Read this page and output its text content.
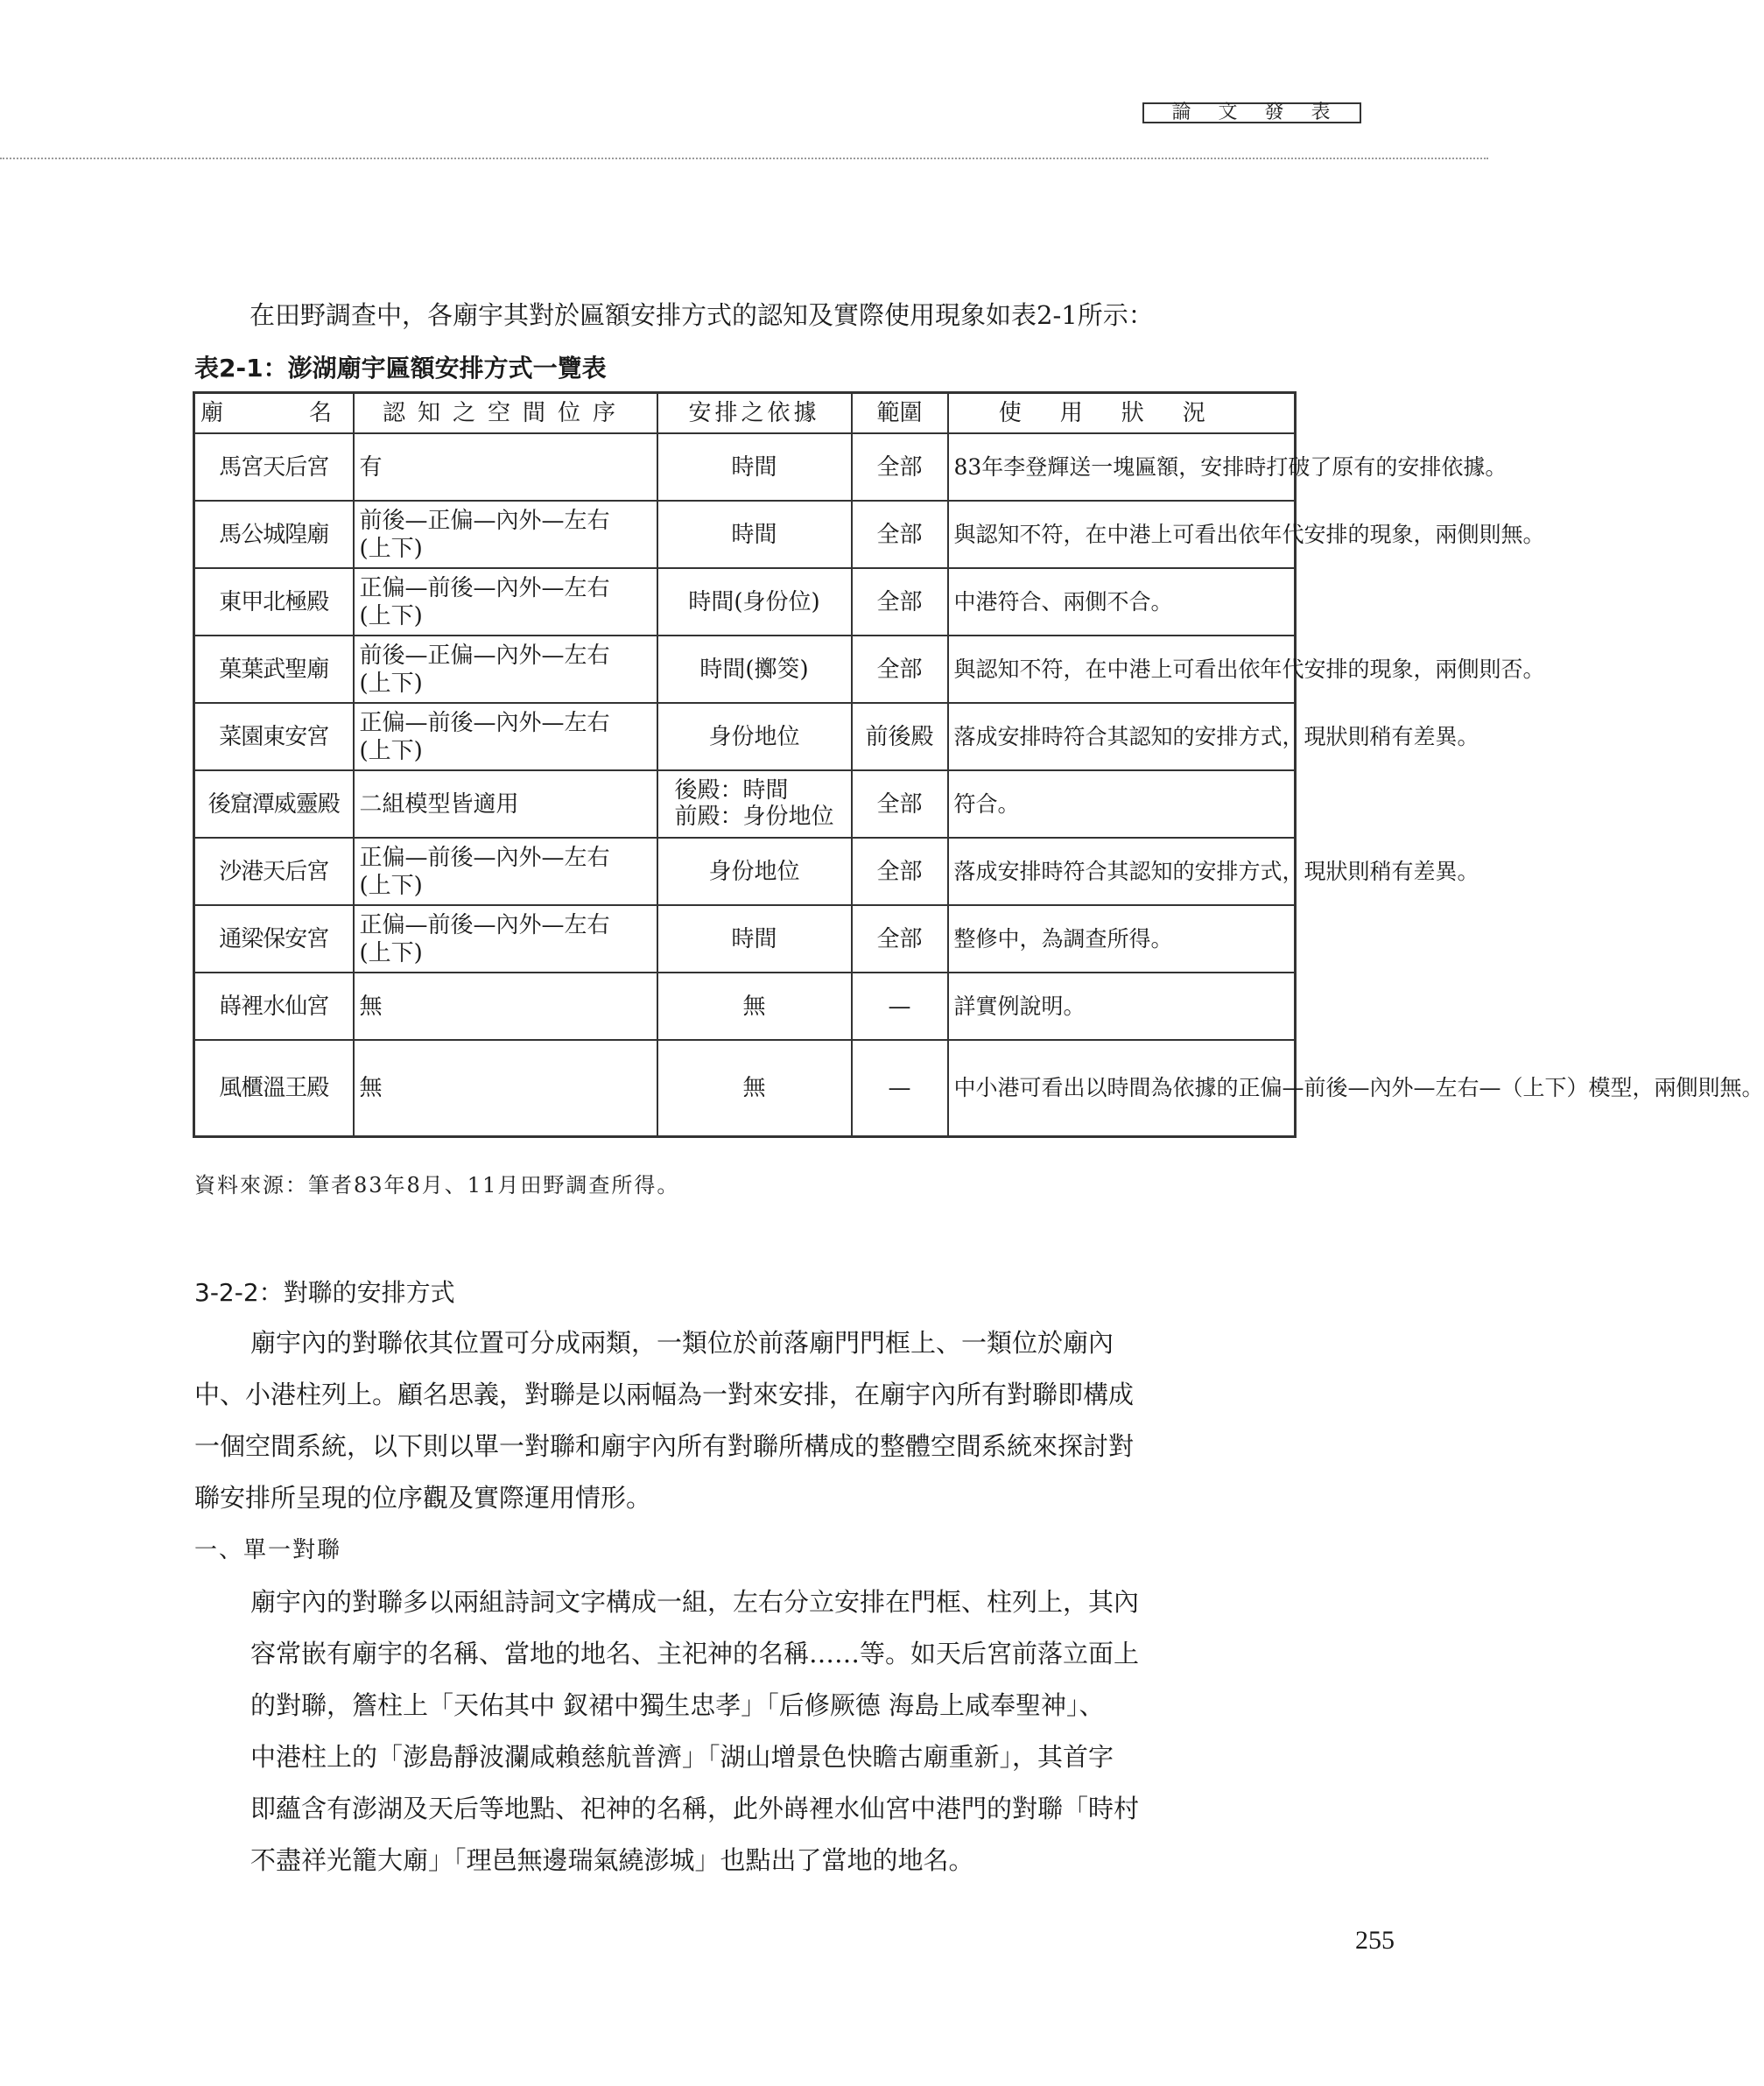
論 文 發 表
在田野調查中，各廟宇其對於匾額安排方式的認知及實際使用現象如表2-1所示：
表2-1：澎湖廟宇匾額安排方式一覽表
廟　名	認知之空間位序	安排之依據	範圍	使用狀況
馬宮天后宮	有	時間	全部	83年李登輝送一塊匾額，安排時打破了原有的安排依據。
馬公城隍廟	
前後—正偏—內外—左右
(上下)

時間	全部	與認知不符，在中港上可看出依年代安排的現象，兩側則無。
東甲北極殿	
正偏—前後—內外—左右
(上下)

時間(身份位)	全部	中港符合、兩側不合。
菓葉武聖廟	
前後—正偏—內外—左右
(上下)

時間(擲筊)	全部	與認知不符，在中港上可看出依年代安排的現象，兩側則否。
菜園東安宮	
正偏—前後—內外—左右
(上下)

身份地位	前後殿	落成安排時符合其認知的安排方式，現狀則稍有差異。
後窟潭威靈殿	二組模型皆適用

後殿：時間
前殿：身份地位	全部	符合。
沙港天后宮	
正偏—前後—內外—左右
(上下)

身份地位	全部	落成安排時符合其認知的安排方式，現狀則稍有差異。
通梁保安宮	
正偏—前後—內外—左右
(上下)

時間	全部	整修中，為調查所得。
嵵裡水仙宮	無	無	—	詳實例說明。
風櫃溫王殿	無	無	—	中小港可看出以時間為依據的正偏—前後—內外—左右—（上下）模型，兩側則無。
資料來源：筆者83年8月、11月田野調查所得。
3-2-2：對聯的安排方式
廟宇內的對聯依其位置可分成兩類，一類位於前落廟門門框上、一類位於廟內
中、小港柱列上。顧名思義，對聯是以兩幅為一對來安排，在廟宇內所有對聯即構成
一個空間系統，以下則以單一對聯和廟宇內所有對聯所構成的整體空間系統來探討對
聯安排所呈現的位序觀及實際運用情形。
一、單一對聯
廟宇內的對聯多以兩組詩詞文字構成一組，左右分立安排在門框、柱列上，其內
容常嵌有廟宇的名稱、當地的地名、主祀神的名稱……等。如天后宮前落立面上
的對聯，簷柱上「天佑其中 釵裙中獨生忠孝」「后修厥德 海島上咸奉聖神」、
中港柱上的「澎島靜波瀾咸賴慈航普濟」「湖山增景色快瞻古廟重新」，其首字
即蘊含有澎湖及天后等地點、祀神的名稱，此外嵵裡水仙宮中港門的對聯「時村
不盡祥光籠大廟」「理邑無邊瑞氣繞澎城」也點出了當地的地名。
255
